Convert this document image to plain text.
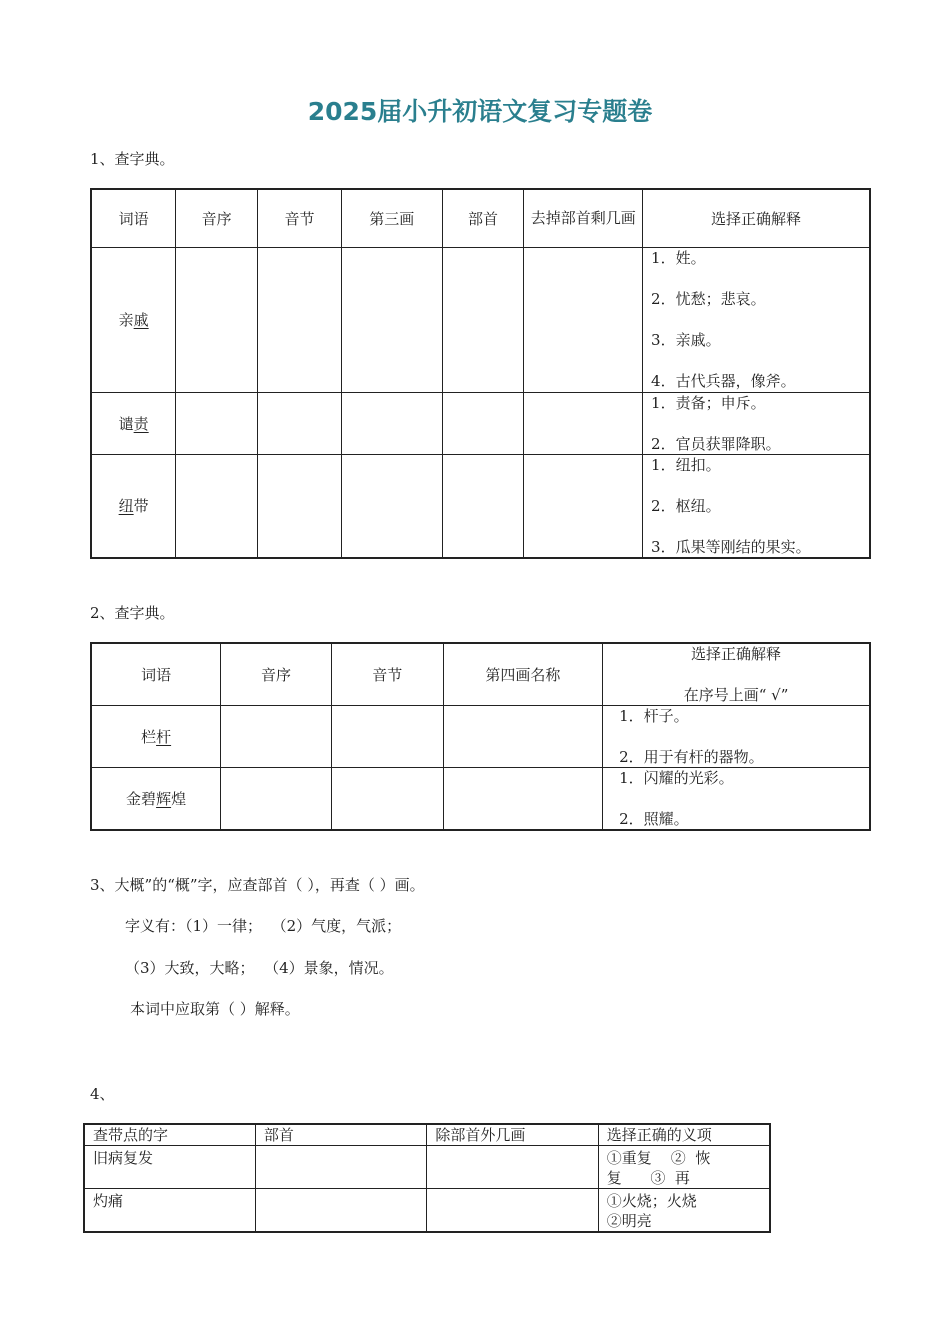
2025届小升初语文复习专题卷
1、查字典。
词语	音序	音节	第三画	部首	去掉部首剩几画	选择正确解释
亲戚						1．姓。
2．忧愁；悲哀。
3．亲戚。
4．古代兵器，像斧。

谴责						1．责备；申斥。
2．官员获罪降职。

纽带						1．纽扣。
2．枢纽。
3．瓜果等刚结的果实。
2、查字典。
词语	音序	音节	第四画名称	选择正确解释
在序号上画“ √”

栏杆				1．杆子。
2．用于有杆的器物。

金碧辉煌				1．闪耀的光彩。
2．照耀。
3、大概”的“概”字，应查部首（ ），再查（ ）画。
字义有：（1）一律；  （2）气度，气派；
（3）大致，大略；  （4）景象，情况。
本词中应取第（ ）解释。
4、
查带点的字	部首	除部首外几画	选择正确的义项
旧病复发			①重复    ②  恢
复      ③  再

灼痛			①火烧；火烧
②明亮
